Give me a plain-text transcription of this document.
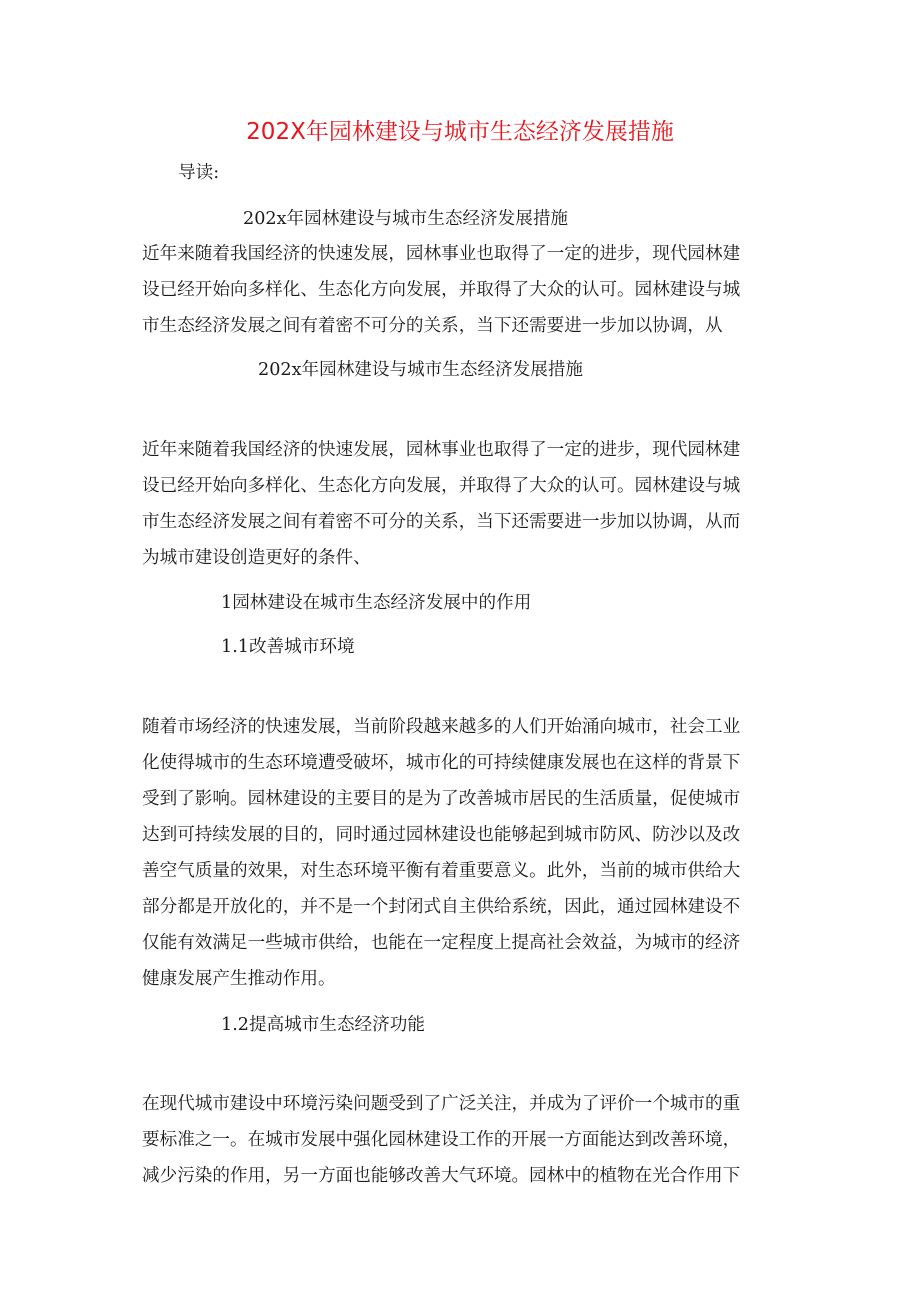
202X年园林建设与城市生态经济发展措施

导读:

202x年园林建设与城市生态经济发展措施

近年来随着我国经济的快速发展，园林事业也取得了一定的进步，现代园林建

设已经开始向多样化、生态化方向发展，并取得了大众的认可。园林建设与城

市生态经济发展之间有着密不可分的关系，当下还需要进一步加以协调，从

202x年园林建设与城市生态经济发展措施

近年来随着我国经济的快速发展，园林事业也取得了一定的进步，现代园林建

设已经开始向多样化、生态化方向发展，并取得了大众的认可。园林建设与城

市生态经济发展之间有着密不可分的关系，当下还需要进一步加以协调，从而

为城市建设创造更好的条件、

1园林建设在城市生态经济发展中的作用

1.1改善城市环境

随着市场经济的快速发展，当前阶段越来越多的人们开始涌向城市，社会工业

化使得城市的生态环境遭受破坏，城市化的可持续健康发展也在这样的背景下

受到了影响。园林建设的主要目的是为了改善城市居民的生活质量，促使城市

达到可持续发展的目的，同时通过园林建设也能够起到城市防风、防沙以及改

善空气质量的效果，对生态环境平衡有着重要意义。此外，当前的城市供给大

部分都是开放化的，并不是一个封闭式自主供给系统，因此，通过园林建设不

仅能有效满足一些城市供给，也能在一定程度上提高社会效益，为城市的经济

健康发展产生推动作用。

1.2提高城市生态经济功能

在现代城市建设中环境污染问题受到了广泛关注，并成为了评价一个城市的重

要标准之一。在城市发展中强化园林建设工作的开展一方面能达到改善环境，

减少污染的作用，另一方面也能够改善大气环境。园林中的植物在光合作用下
